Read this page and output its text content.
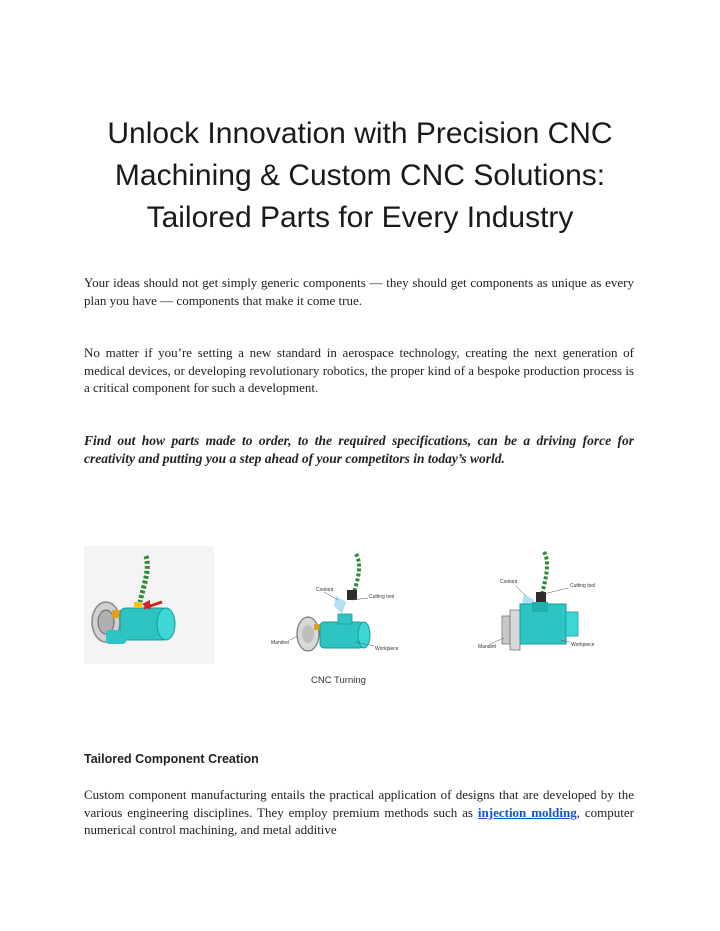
Unlock Innovation with Precision CNC Machining & Custom CNC Solutions: Tailored Parts for Every Industry

Your ideas should not get simply generic components — they should get components as unique as every plan you have — components that make it come true.

No matter if you’re setting a new standard in aerospace technology, creating the next generation of medical devices, or developing revolutionary robotics, the proper kind of a bespoke production process is a critical component for such a development.

Find out how parts made to order, to the required specifications, can be a driving force for creativity and putting you a step ahead of your competitors in today’s world.

Coolant
Cutting tool
Mandrel
Workpiece
Coolant
Cutting tool
Mandrel	Workpiece
CNC Turning
Tailored Component Creation

Custom component manufacturing entails the practical application of designs that are developed by the various engineering disciplines. They employ premium methods such as injection molding, computer numerical control machining, and metal additive
